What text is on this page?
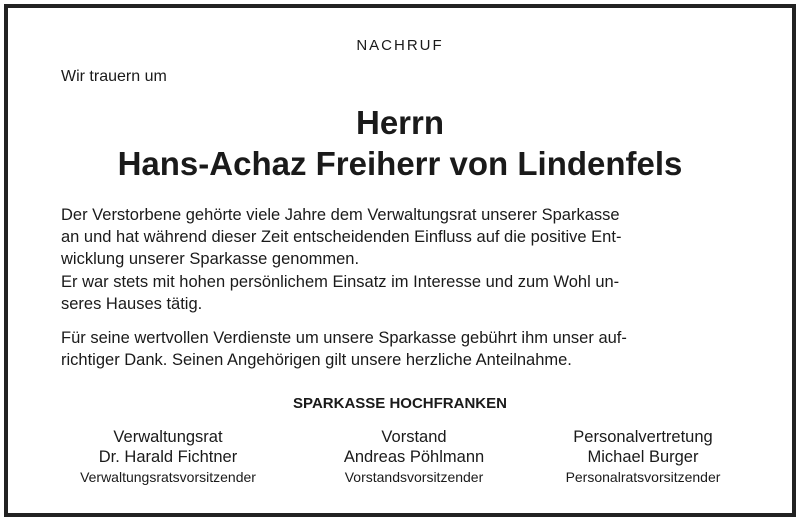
NACHRUF
Wir trauern um
Herrn
Hans-Achaz Freiherr von Lindenfels
Der Verstorbene gehörte viele Jahre dem Verwaltungsrat unserer Sparkasse
an und hat während dieser Zeit entscheidenden Einfluss auf die positive Ent-
wicklung unserer Sparkasse genommen.
Er war stets mit hohen persönlichem Einsatz im Interesse und zum Wohl un-
seres Hauses tätig.
Für seine wertvollen Verdienste um unsere Sparkasse gebührt ihm unser auf-
richtiger Dank. Seinen Angehörigen gilt unsere herzliche Anteilnahme.
SPARKASSE HOCHFRANKEN
Verwaltungsrat
Dr. Harald Fichtner
Verwaltungsratsvorsitzender
Vorstand
Andreas Pöhlmann
Vorstandsvorsitzender
Personalvertretung
Michael Burger
Personalratsvorsitzender
